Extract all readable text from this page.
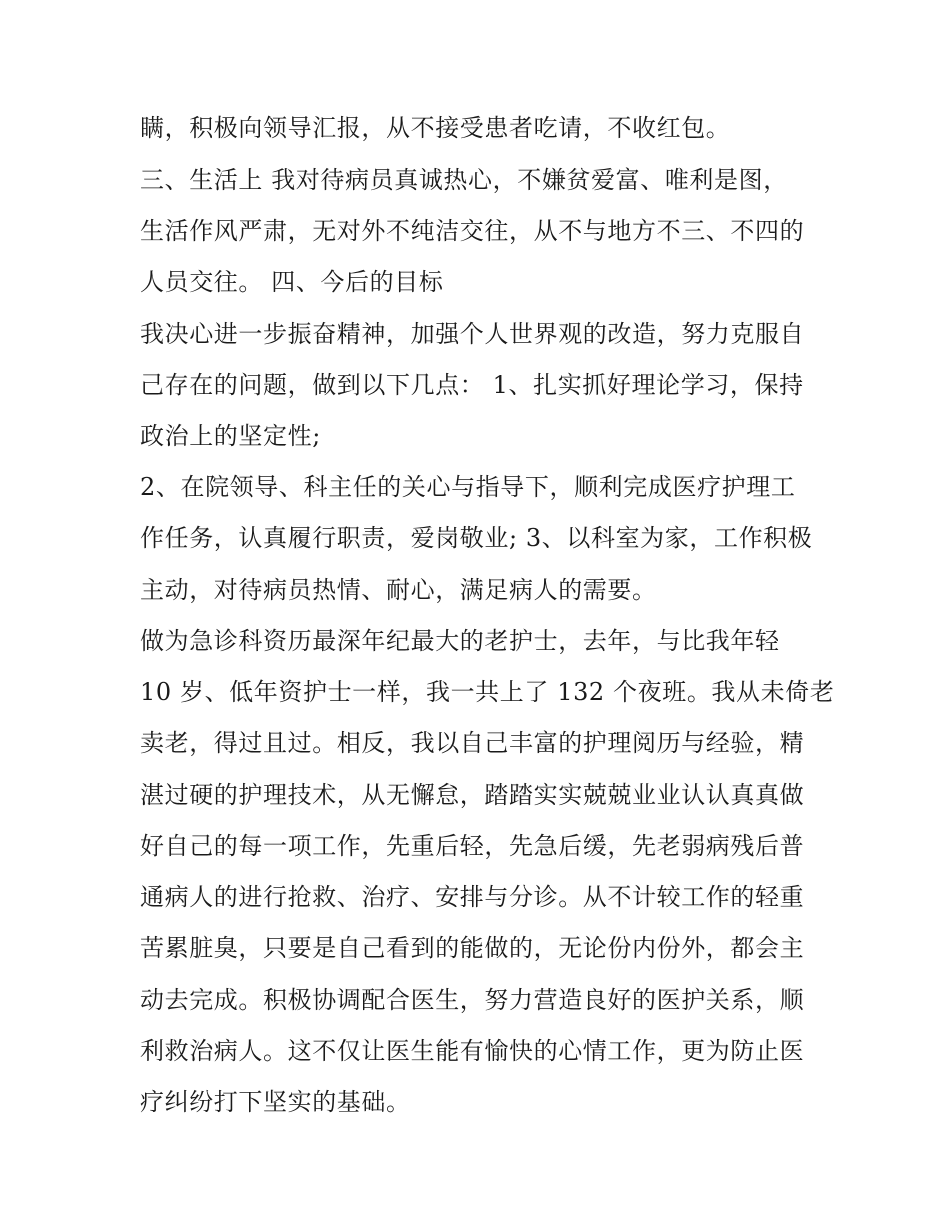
瞒，积极向领导汇报，从不接受患者吃请，不收红包。
三、生活上 我对待病员真诚热心，不嫌贫爱富、唯利是图，
生活作风严肃，无对外不纯洁交往，从不与地方不三、不四的
人员交往。 四、今后的目标
我决心进一步振奋精神，加强个人世界观的改造，努力克服自
己存在的问题，做到以下几点： 1、扎实抓好理论学习，保持
政治上的坚定性;
2、在院领导、科主任的关心与指导下，顺利完成医疗护理工
作任务，认真履行职责，爱岗敬业; 3、以科室为家，工作积极
主动，对待病员热情、耐心，满足病人的需要。
做为急诊科资历最深年纪最大的老护士，去年，与比我年轻
10 岁、低年资护士一样，我一共上了 132 个夜班。我从未倚老
卖老，得过且过。相反，我以自己丰富的护理阅历与经验，精
湛过硬的护理技术，从无懈怠，踏踏实实兢兢业业认认真真做
好自己的每一项工作，先重后轻，先急后缓，先老弱病残后普
通病人的进行抢救、治疗、安排与分诊。从不计较工作的轻重
苦累脏臭，只要是自己看到的能做的，无论份内份外，都会主
动去完成。积极协调配合医生，努力营造良好的医护关系，顺
利救治病人。这不仅让医生能有愉快的心情工作，更为防止医
疗纠纷打下坚实的基础。
